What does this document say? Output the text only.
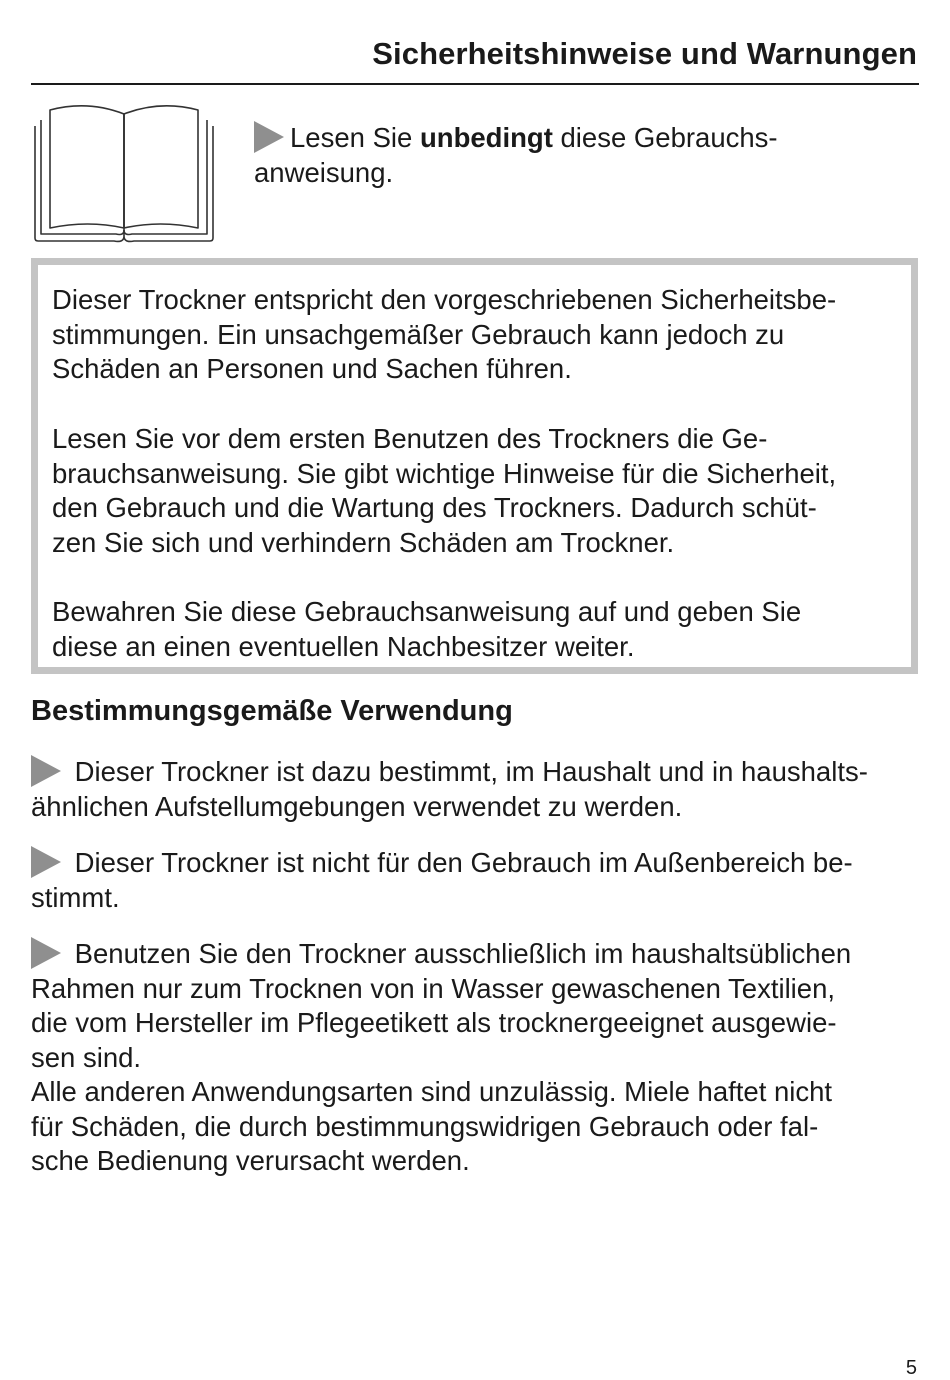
Sicherheitshinweise und Warnungen

Lesen Sie unbedingt diese Gebrauchs-
anweisung.

Dieser Trockner entspricht den vorgeschriebenen Sicherheitsbe-
stimmungen. Ein unsachgemäßer Gebrauch kann jedoch zu
Schäden an Personen und Sachen führen.

Lesen Sie vor dem ersten Benutzen des Trockners die Ge-
brauchsanweisung. Sie gibt wichtige Hinweise für die Sicherheit,
den Gebrauch und die Wartung des Trockners. Dadurch schüt-
zen Sie sich und verhindern Schäden am Trockner.

Bewahren Sie diese Gebrauchsanweisung auf und geben Sie
diese an einen eventuellen Nachbesitzer weiter.

Bestimmungsgemäße Verwendung

Dieser Trockner ist dazu bestimmt, im Haushalt und in haushalts-
ähnlichen Aufstellumgebungen verwendet zu werden.

Dieser Trockner ist nicht für den Gebrauch im Außenbereich be-
stimmt.

Benutzen Sie den Trockner ausschließlich im haushaltsüblichen
Rahmen nur zum Trocknen von in Wasser gewaschenen Textilien,
die vom Hersteller im Pflegeetikett als trocknergeeignet ausgewie-
sen sind.
Alle anderen Anwendungsarten sind unzulässig. Miele haftet nicht
für Schäden, die durch bestimmungswidrigen Gebrauch oder fal-
sche Bedienung verursacht werden.

5
